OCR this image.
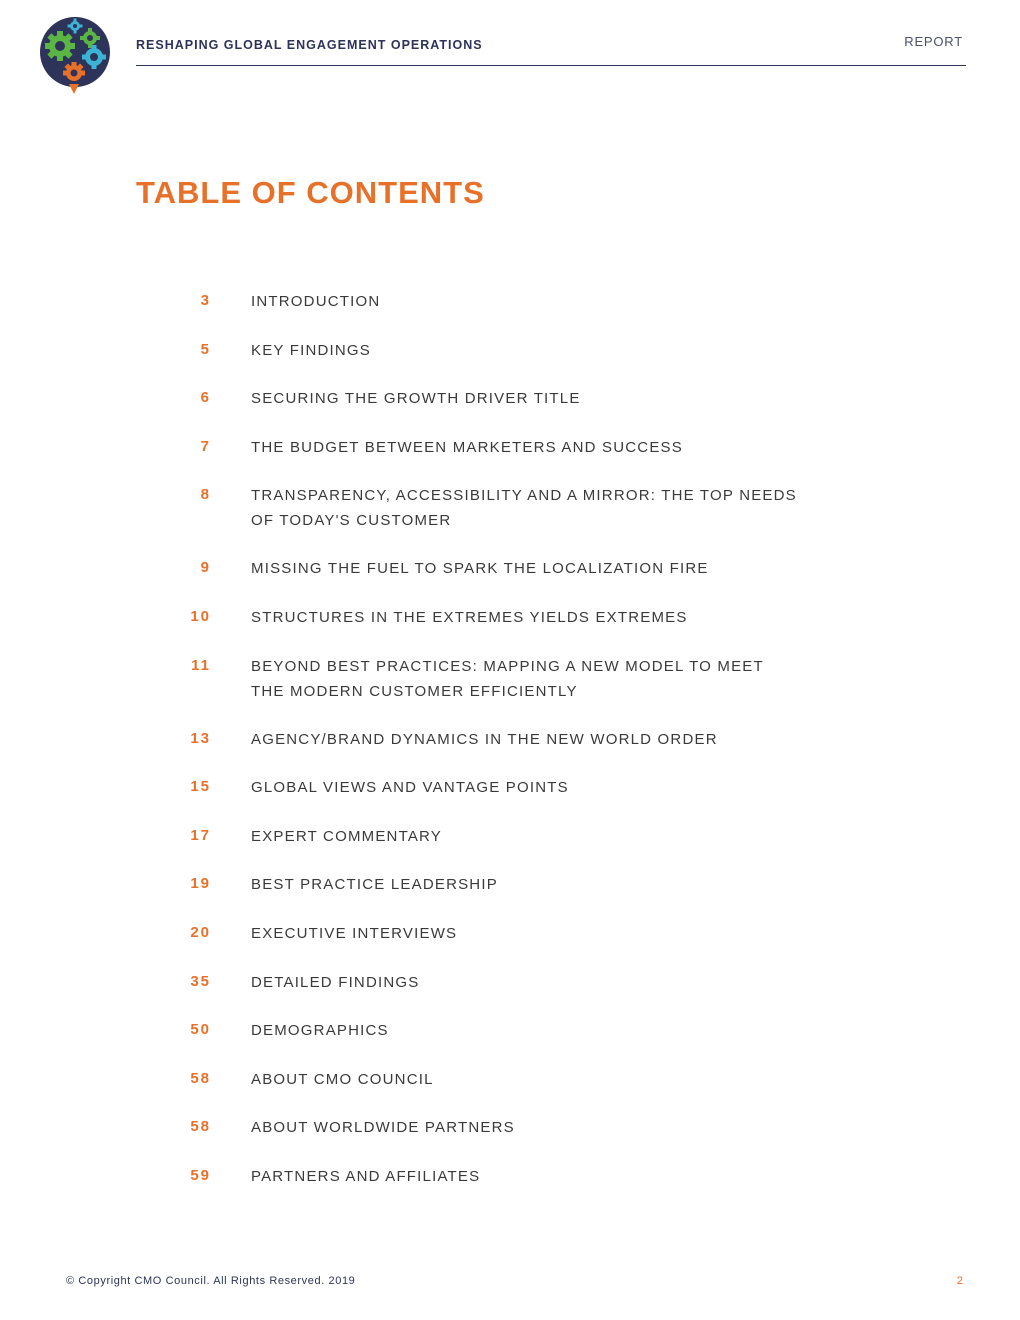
RESHAPING GLOBAL ENGAGEMENT OPERATIONS	REPORT
TABLE OF CONTENTS
3	INTRODUCTION
5	KEY FINDINGS
6	SECURING THE GROWTH DRIVER TITLE
7	THE BUDGET BETWEEN MARKETERS AND SUCCESS
8	TRANSPARENCY, ACCESSIBILITY AND A MIRROR: THE TOP NEEDS
OF TODAY'S CUSTOMER
9	MISSING THE FUEL TO SPARK THE LOCALIZATION FIRE
10	STRUCTURES IN THE EXTREMES YIELDS EXTREMES
11	BEYOND BEST PRACTICES: MAPPING A NEW MODEL TO MEET
THE MODERN CUSTOMER EFFICIENTLY
13	AGENCY/BRAND DYNAMICS IN THE NEW WORLD ORDER
15	GLOBAL VIEWS AND VANTAGE POINTS
17	EXPERT COMMENTARY
19	BEST PRACTICE LEADERSHIP
20	EXECUTIVE INTERVIEWS
35	DETAILED FINDINGS
50	DEMOGRAPHICS
58	ABOUT CMO COUNCIL
58	ABOUT WORLDWIDE PARTNERS
59	PARTNERS AND AFFILIATES
© Copyright CMO Council. All Rights Reserved. 2019	2
